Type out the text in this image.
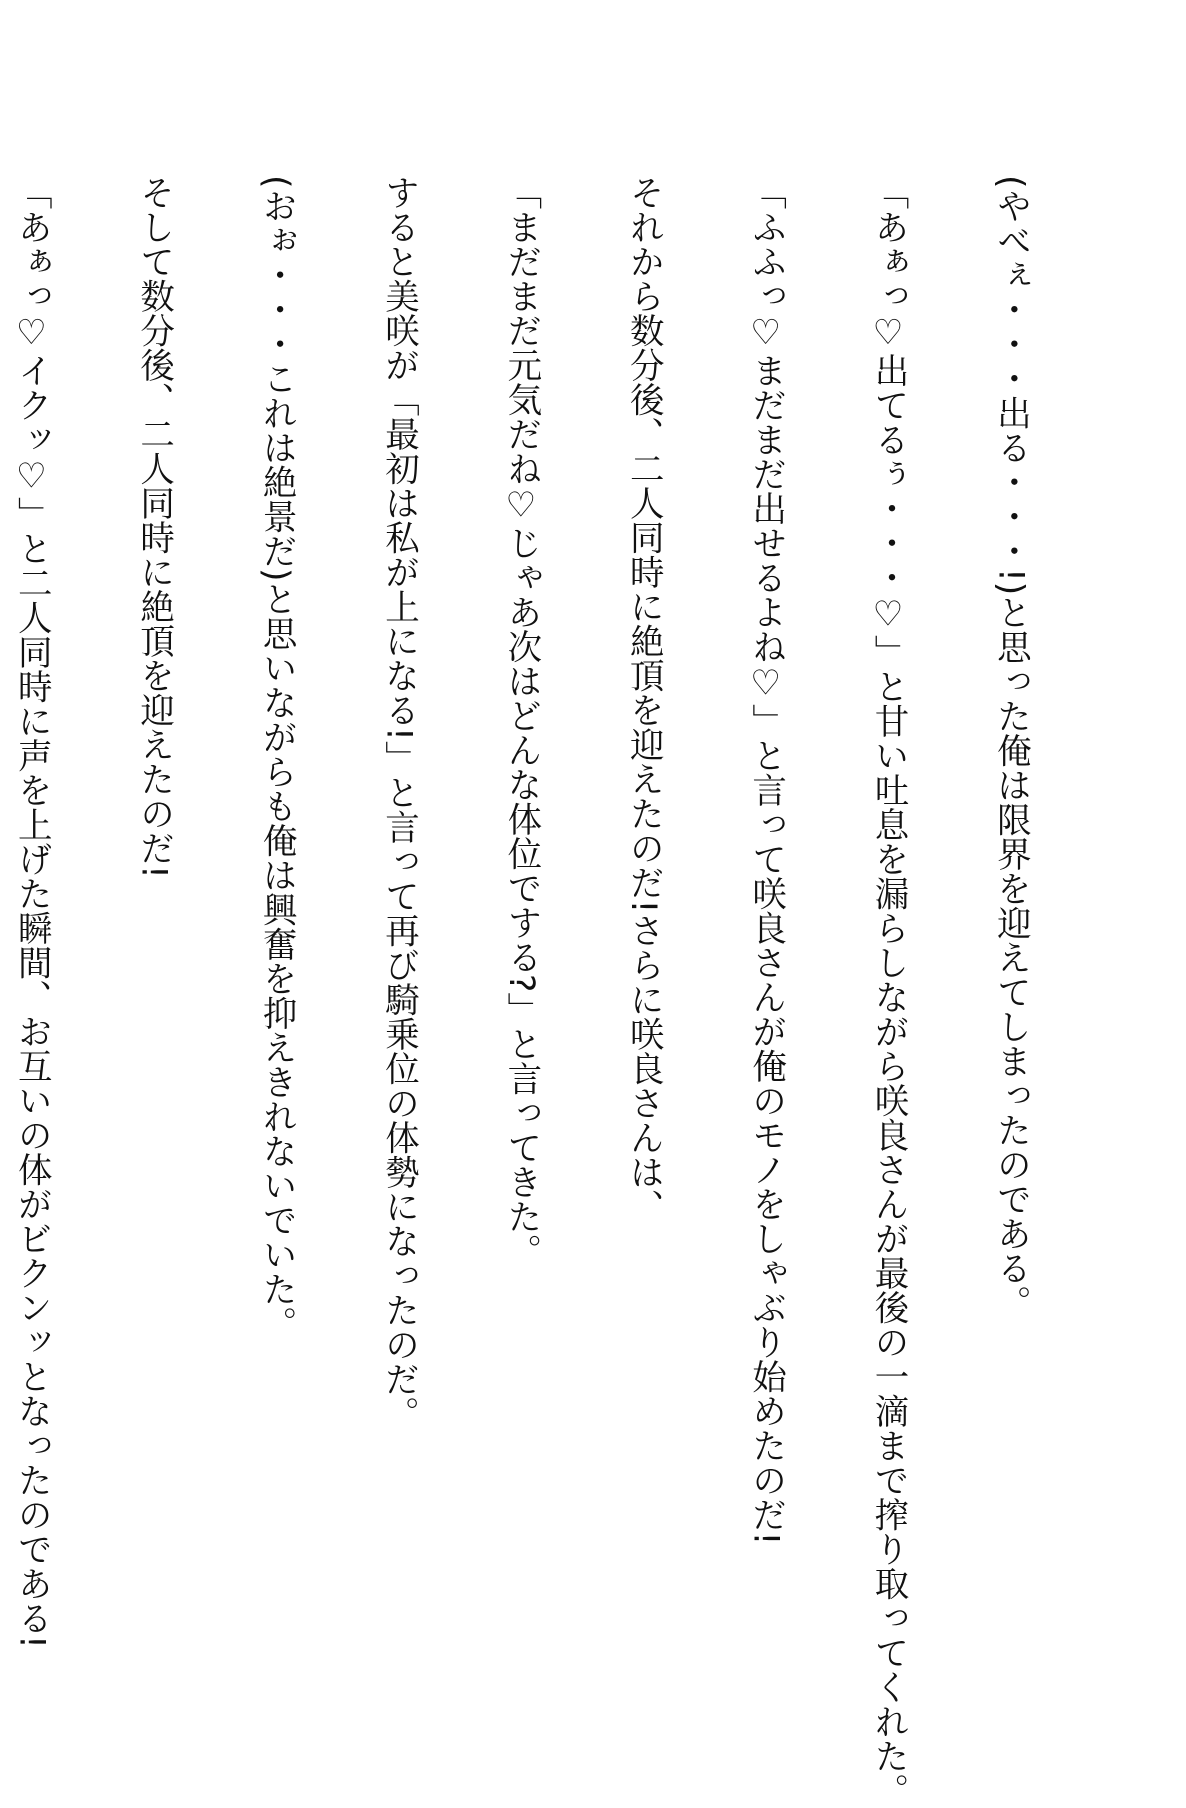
(やべぇ・・・出る・・・!)と思った俺は限界を迎えてしまったのである。

「あぁっ♡出てるぅ・・・♡」と甘い吐息を漏らしながら咲良さんが最後の一滴まで搾り取ってくれた。

「ふふっ♡まだまだ出せるよね♡」と言って咲良さんが俺のモノをしゃぶり始めたのだ!

それから数分後、二人同時に絶頂を迎えたのだ!さらに咲良さんは、

「まだまだ元気だね♡じゃあ次はどんな体位でする?」と言ってきた。

すると美咲が「最初は私が上になる!」と言って再び騎乗位の体勢になったのだ。

(おぉ・・・これは絶景だ)と思いながらも俺は興奮を抑えきれないでいた。

そして数分後、二人同時に絶頂を迎えたのだ!

「あぁっ♡イクッ♡」と二人同時に声を上げた瞬間、お互いの体がビクンッとなったのである!
